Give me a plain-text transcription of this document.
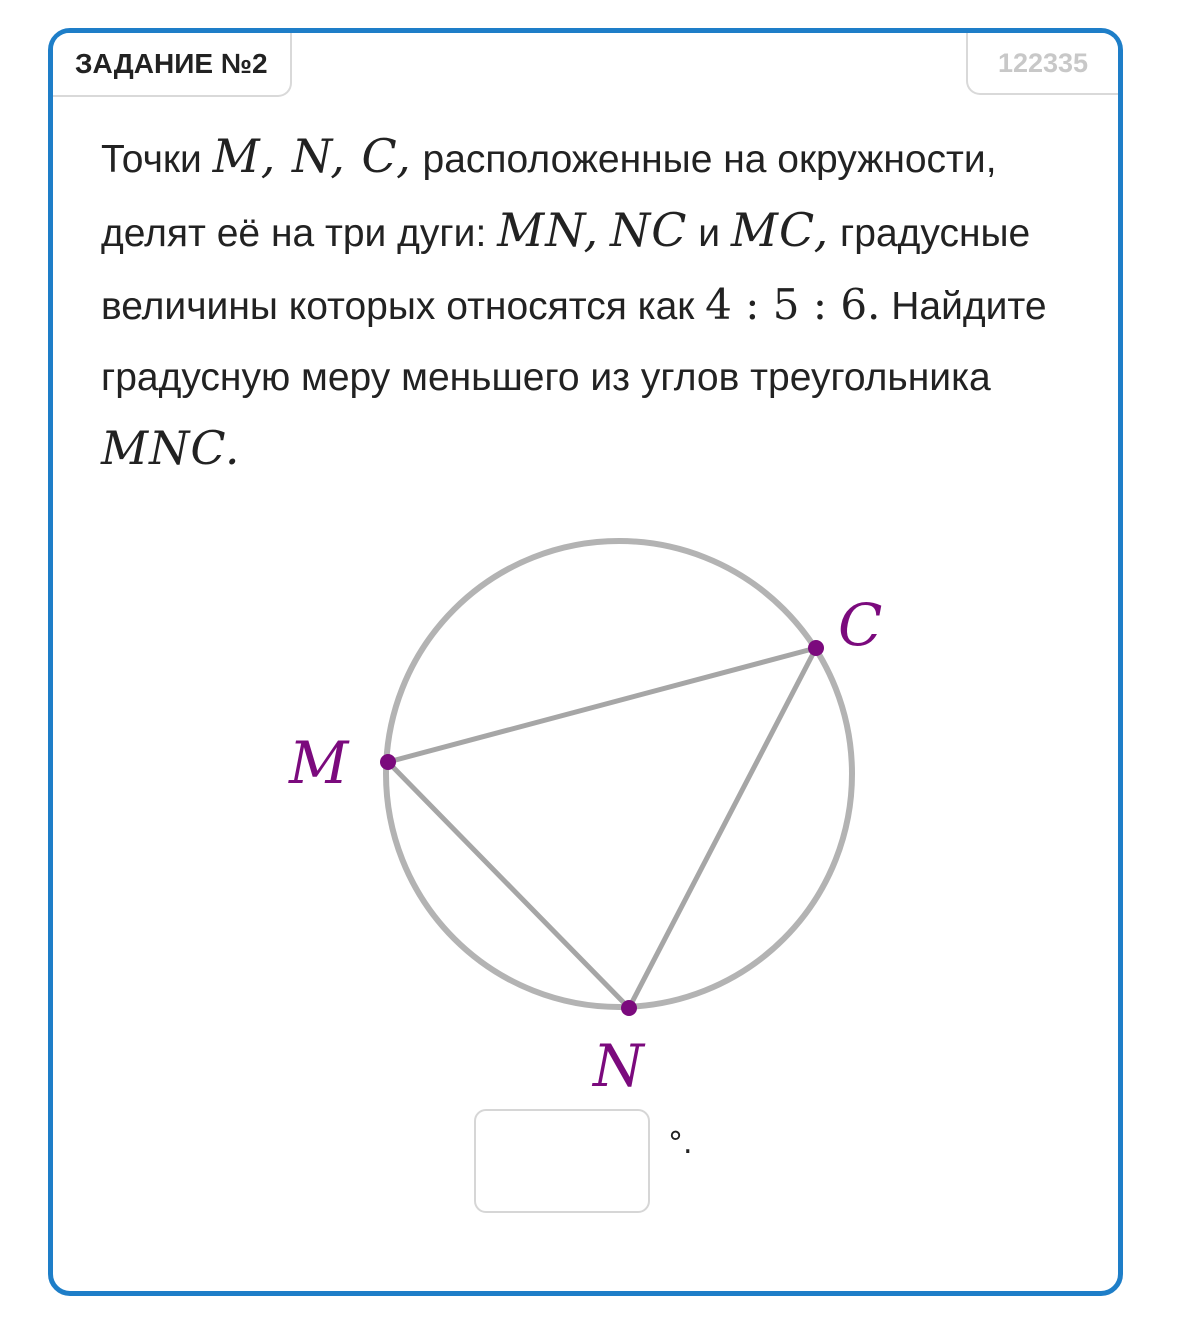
ЗАДАНИЕ №2	122335
Точки M, N, C, расположенные на окружности, делят её на три дуги: MN, NC и MC, градусные величины которых относятся как 4 : 5 : 6. Найдите градусную меру меньшего из углов треугольника MNC.
M
C
N
°.
